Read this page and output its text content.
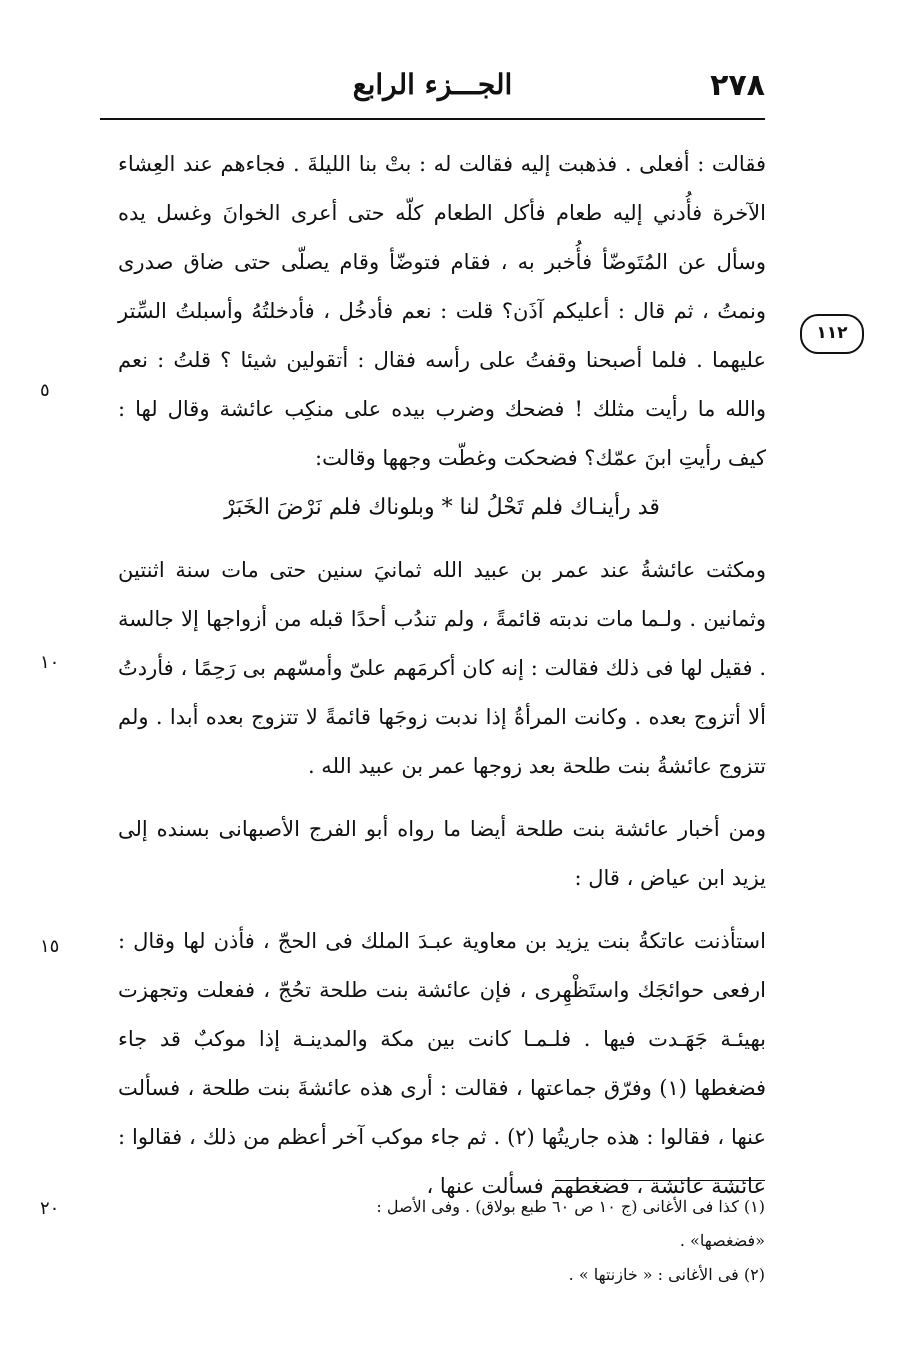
٢٧٨
الجـــزء الرابع
١١٢
٥
١٠
١٥
٢٠

فقالت : أفعلى . فذهبت إليه فقالت له : بتْ بنا الليلةَ . فجاءهم عند العِشاء الآخرة فأُدني إليه طعام فأكل الطعام كلّه حتى أعرى الخوانَ وغسل يده وسأل عن المُتَوضّأ فأُخبر به ، فقام فتوضّأ وقام يصلّى حتى ضاق صدرى ونمتُ ، ثم قال : أعليكم آذَن؟ قلت : نعم فأدخُل ، فأدخلتُهُ وأسبلتُ السِّتر عليهما . فلما أصبحنا وقفتُ على رأسه فقال : أتقولين شيئا ؟ قلتُ : نعم والله ما رأيت مثلك ! فضحك وضرب بيده على منكِب عائشة وقال لها : كيف رأيتِ ابنَ عمّك؟ فضحكت وغطّت وجهها وقالت:

قد رأينـاك فلم تَحْلُ لنا * وبلوناك فلم نَرْضَ الخَبَرْ

ومكثت عائشةُ عند عمر بن عبيد الله ثمانيَ سنين حتى مات سنة اثنتين وثمانين . ولـما مات ندبته قائمةً ، ولم تندُب أحدًا قبله من أزواجها إلا جالسة . فقيل لها فى ذلك فقالت : إنه كان أكرمَهم علىّ وأمسّهم بى رَحِمًا ، فأردتُ ألا أتزوج بعده . وكانت المرأةُ إذا ندبت زوجَها قائمةً لا تتزوج بعده أبدا . ولم تتزوج عائشةُ بنت طلحة بعد زوجها عمر بن عبيد الله .

ومن أخبار عائشة بنت طلحة أيضا ما رواه أبو الفرج الأصبهانى بسنده إلى يزيد ابن عياض ، قال :

استأذنت عاتكةُ بنت يزيد بن معاوية عبـدَ الملك فى الحجّ ، فأذن لها وقال : ارفعى حوائجَك واستَظْهِرى ، فإن عائشة بنت طلحة تحُجّ ، ففعلت وتجهزت بهيئـة جَهَـدت فيها . فلـمـا كانت بين مكة والمدينـة إذا موكبٌ قد جاء فضغطها (١) وفرّق جماعتها ، فقالت : أرى هذه عائشةَ بنت طلحة ، فسألت عنها ، فقالوا : هذه جاريتُها (٢) . ثم جاء موكب آخر أعظم من ذلك ، فقالوا : عائشة عائشة ، فضغطهم فسألت عنها ،

(١) كذا فى الأغانى (ج ١٠ ص ٦٠ طبع بولاق) . وفى الأصل : «فضغصها» .

(٢) فى الأغانى : « خازنتها » .
